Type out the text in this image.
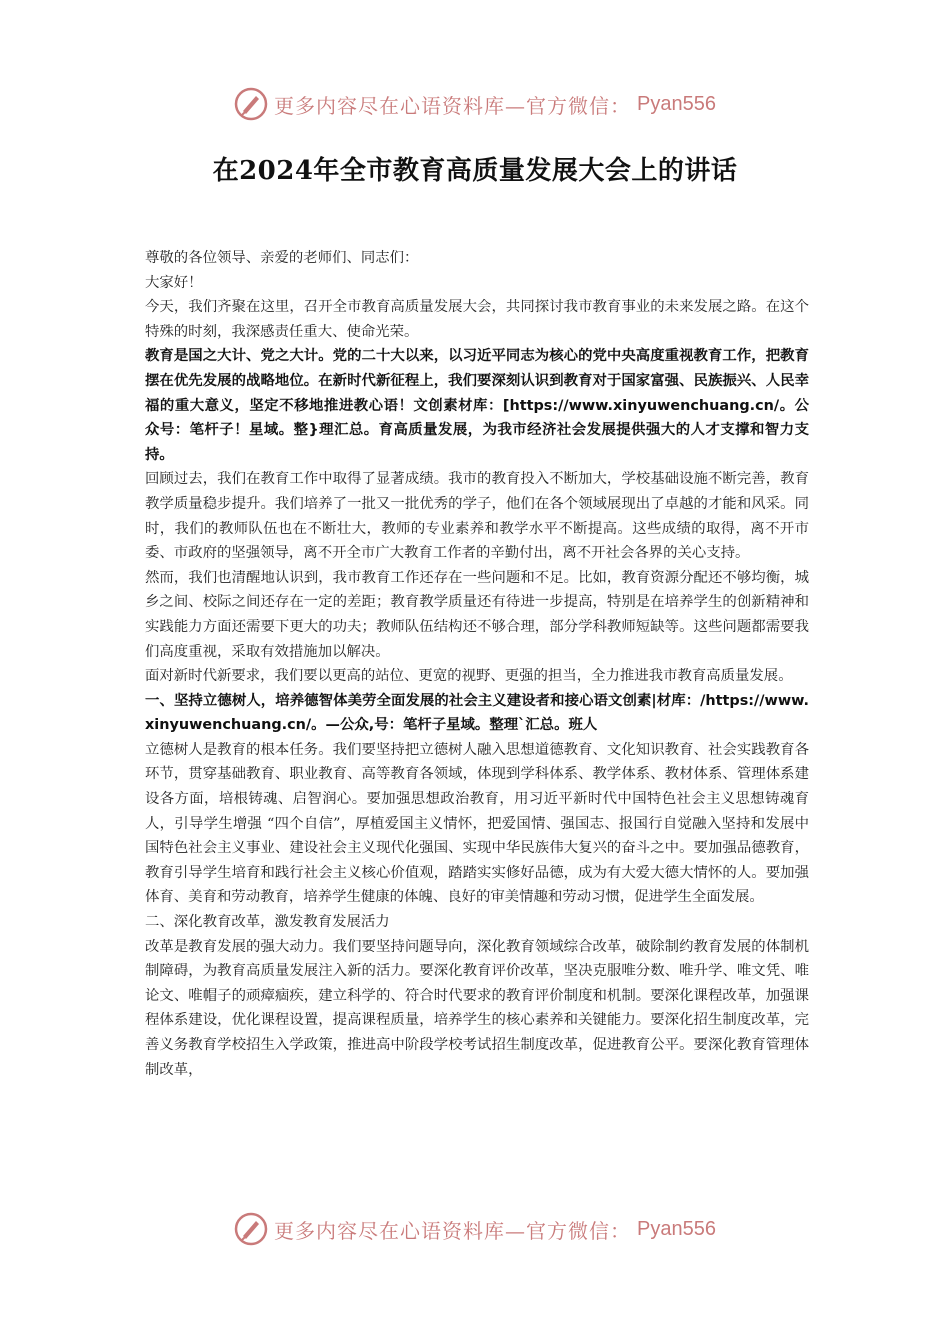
更多内容尽在心语资料库—官方微信： Pyan556
在2024年全市教育高质量发展大会上的讲话

尊敬的各位领导、亲爱的老师们、同志们：

大家好！

今天，我们齐聚在这里，召开全市教育高质量发展大会，共同探讨我市教育事业的未来发展之路。在这个特殊的时刻，我深感责任重大、使命光荣。

教育是国之大计、党之大计。党的二十大以来，以习近平同志为核心的党中央高度重视教育工作，把教育摆在优先发展的战略地位。在新时代新征程上，我们要深刻认识到教育对于国家富强、民族振兴、人民幸福的重大意义，坚定不移地推进教心语！文创素材库：[https://www.xinyuwenchuang.cn/。公众号：笔杆子！星域。整}理汇总。育高质量发展，为我市经济社会发展提供强大的人才支撑和智力支持。

回顾过去，我们在教育工作中取得了显著成绩。我市的教育投入不断加大，学校基础设施不断完善，教育教学质量稳步提升。我们培养了一批又一批优秀的学子，他们在各个领域展现出了卓越的才能和风采。同时，我们的教师队伍也在不断壮大，教师的专业素养和教学水平不断提高。这些成绩的取得，离不开市委、市政府的坚强领导，离不开全市广大教育工作者的辛勤付出，离不开社会各界的关心支持。

然而，我们也清醒地认识到，我市教育工作还存在一些问题和不足。比如，教育资源分配还不够均衡，城乡之间、校际之间还存在一定的差距；教育教学质量还有待进一步提高，特别是在培养学生的创新精神和实践能力方面还需要下更大的功夫；教师队伍结构还不够合理，部分学科教师短缺等。这些问题都需要我们高度重视，采取有效措施加以解决。

面对新时代新要求，我们要以更高的站位、更宽的视野、更强的担当，全力推进我市教育高质量发展。

一、坚持立德树人，培养德智体美劳全面发展的社会主义建设者和接心语文创素|材库：/https://www.xinyuwenchuang.cn/。—公众,号：笔杆子星域。整理`汇总。班人

立德树人是教育的根本任务。我们要坚持把立德树人融入思想道德教育、文化知识教育、社会实践教育各环节，贯穿基础教育、职业教育、高等教育各领域，体现到学科体系、教学体系、教材体系、管理体系建设各方面，培根铸魂、启智润心。要加强思想政治教育，用习近平新时代中国特色社会主义思想铸魂育人，引导学生增强 “四个自信”，厚植爱国主义情怀，把爱国情、强国志、报国行自觉融入坚持和发展中国特色社会主义事业、建设社会主义现代化强国、实现中华民族伟大复兴的奋斗之中。要加强品德教育，教育引导学生培育和践行社会主义核心价值观，踏踏实实修好品德，成为有大爱大德大情怀的人。要加强体育、美育和劳动教育，培养学生健康的体魄、良好的审美情趣和劳动习惯，促进学生全面发展。

二、深化教育改革，激发教育发展活力

改革是教育发展的强大动力。我们要坚持问题导向，深化教育领域综合改革，破除制约教育发展的体制机制障碍，为教育高质量发展注入新的活力。要深化教育评价改革，坚决克服唯分数、唯升学、唯文凭、唯论文、唯帽子的顽瘴痼疾，建立科学的、符合时代要求的教育评价制度和机制。要深化课程改革，加强课程体系建设，优化课程设置，提高课程质量，培养学生的核心素养和关键能力。要深化招生制度改革，完善义务教育学校招生入学政策，推进高中阶段学校考试招生制度改革，促进教育公平。要深化教育管理体制改革，

更多内容尽在心语资料库—官方微信： Pyan556
